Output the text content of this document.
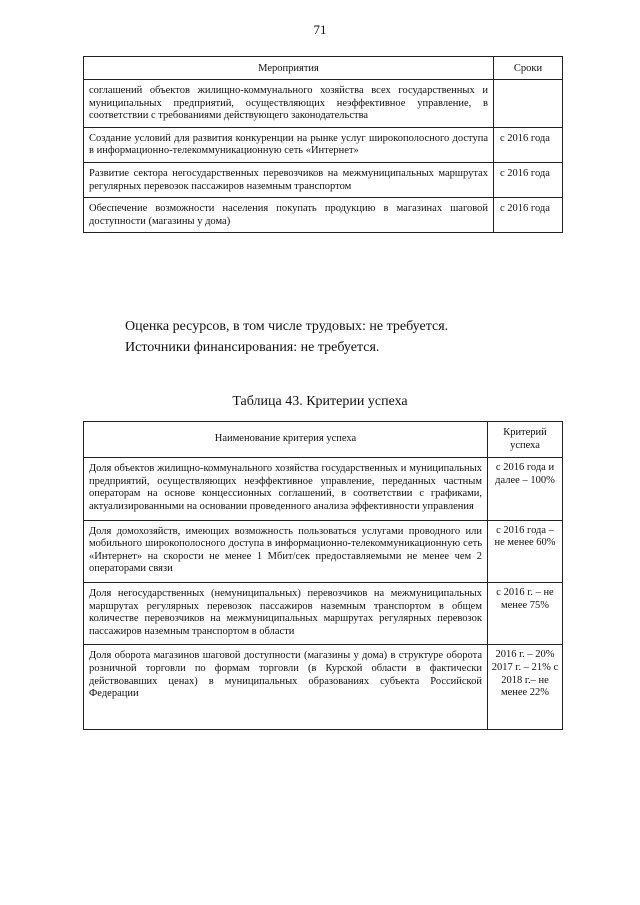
71
Мероприятия	Сроки
соглашений объектов жилищно-коммунального хозяйства всех государственных и муниципальных предприятий, осуществляющих неэффективное управление, в соответствии с требованиями действующего законодательства	
Создание условий для развития конкуренции на рынке услуг широкополосного доступа в информационно-телекоммуникационную сеть «Интернет»	с 2016 года
Развитие сектора негосударственных перевозчиков на межмуниципальных маршрутах регулярных перевозок пассажиров наземным транспортом	с 2016 года
Обеспечение возможности населения покупать продукцию в магазинах шаговой доступности (магазины у дома)	с 2016 года
Оценка ресурсов, в том числе трудовых: не требуется.
Источники финансирования: не требуется.
Таблица 43. Критерии успеха
Наименование критерия успеха	Критерий успеха
Доля объектов жилищно-коммунального хозяйства государственных и муниципальных предприятий, осуществляющих неэффективное управление, переданных частным операторам на основе концессионных соглашений, в соответствии с графиками, актуализированными на основании проведенного анализа эффективности управления	с 2016 года и далее – 100%
Доля домохозяйств, имеющих возможность пользоваться услугами проводного или мобильного широкополосного доступа в информационно-телекоммуникационную сеть «Интернет» на скорости не менее 1 Мбит/сек предоставляемыми не менее чем 2 операторами связи	с 2016 года – не менее 60%
Доля негосударственных (немуниципальных) перевозчиков на межмуниципальных маршрутах регулярных перевозок пассажиров наземным транспортом в общем количестве перевозчиков на межмуниципальных маршрутах регулярных перевозок пассажиров наземным транспортом в области	с 2016 г. – не менее 75%
Доля оборота магазинов шаговой доступности (магазины у дома) в структуре оборота розничной торговли по формам торговли (в Курской области в фактически действовавших ценах) в муниципальных образованиях субъекта Российской Федерации	2016 г. – 20% 2017 г. – 21% с 2018 г.– не менее 22%
